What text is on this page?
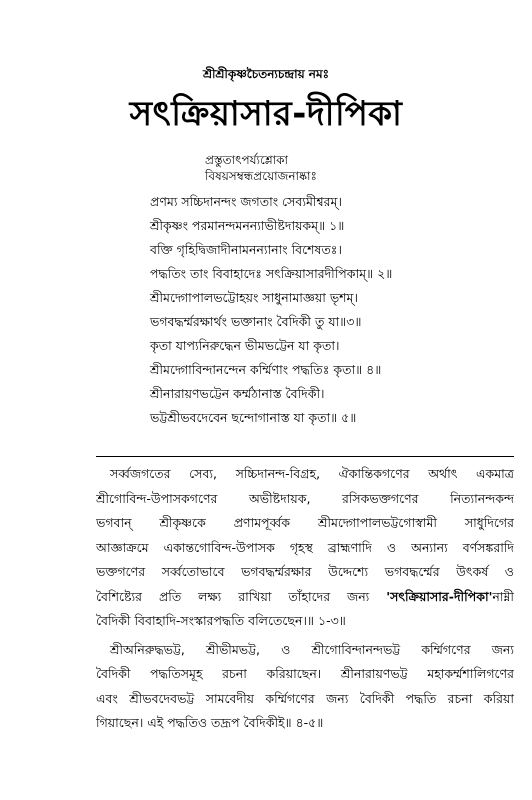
শ্রীশ্রীকৃষ্ণচৈতন্যচন্দ্রায় নমঃ
সৎক্রিয়াসার-দীপিকা
প্রস্তুতাৎপর্য্যশ্লোকা
বিষয়সম্বন্ধপ্রয়োজনাষ্কাঃ
প্রণম্য সচ্চিদানন্দং জগতাং সেব্যমীশ্বরম্।
শ্রীকৃষ্ণং পরমানন্দমনন্যাভীষ্টদায়কম্॥ ১॥
বক্তি গৃহিদ্বিজাদীনামনন্যানাং বিশেষতঃ।
পদ্ধতিং তাং বিবাহাদেঃ সৎক্রিয়াসারদীপিকাম্॥ ২॥
শ্রীমদ্গোপালভট্টোহয়ং সাধুনামাজ্ঞয়া ভৃশম্।
ভগবদ্ধর্ম্মরক্ষার্থং ভক্তানাং বৈদিকী তু যা॥৩॥
কৃতা যাপ্যনিরুদ্ধেন ভীমভট্টেন যা কৃতা।
শ্রীমদ্গোবিন্দানন্দেন কর্ম্মিণাং পদ্ধতিঃ কৃতা॥ ৪॥
শ্রীনারায়ণভট্টেন কর্ম্মঠানাস্ত বৈদিকী।
ভট্টশ্রীভবদেবেন ছন্দোগানাস্ত যা কৃতা॥ ৫॥

সর্ব্বজগতের সেব্য, সচ্চিদানন্দ-বিগ্রহ, ঐকান্তিকগণের অর্থাৎ একমাত্র
শ্রীগোবিন্দ-উপাসকগণের অভীষ্টদায়ক, রসিকভক্তগণের নিত্যানন্দকন্দ
ভগবান্ শ্রীকৃষ্ণকে প্রণামপূর্ব্বক শ্রীমদ্গোপালভট্টগোস্বামী সাধুদিগের
আজ্ঞাক্রমে একান্তগোবিন্দ-উপাসক গৃহস্থ ব্রাহ্মণাদি ও অন্যান্য বর্ণসঙ্করাদি
ভক্তগণের সর্ব্বতোভাবে ভগবদ্ধর্ম্মরক্ষার উদ্দেশ্যে ভগবদ্ধর্ম্মের উৎকর্ষ ও
বৈশিষ্ট্যের প্রতি লক্ষ্য রাখিয়া তাঁহাদের জন্য 'সৎক্রিয়াসার-দীপিকা'নাম্নী
বৈদিকী বিবাহাদি-সংস্কারপদ্ধতি বলিতেছেন।॥ ১-৩॥

শ্রীঅনিরুদ্ধভট্ট, শ্রীভীমভট্ট, ও শ্রীগোবিন্দানন্দভট্ট কর্ম্মিগণের জন্য
বৈদিকী পদ্ধতিসমূহ রচনা করিয়াছেন। শ্রীনারায়ণভট্ট মহাকর্ম্মশালিগণের
এবং শ্রীভবদেবভট্ট সামবেদীয় কর্ম্মিগণের জন্য বৈদিকী পদ্ধতি রচনা করিয়া
গিয়াছেন। এই পদ্ধতিও তদ্রূপ বৈদিকীই॥ ৪-৫॥
